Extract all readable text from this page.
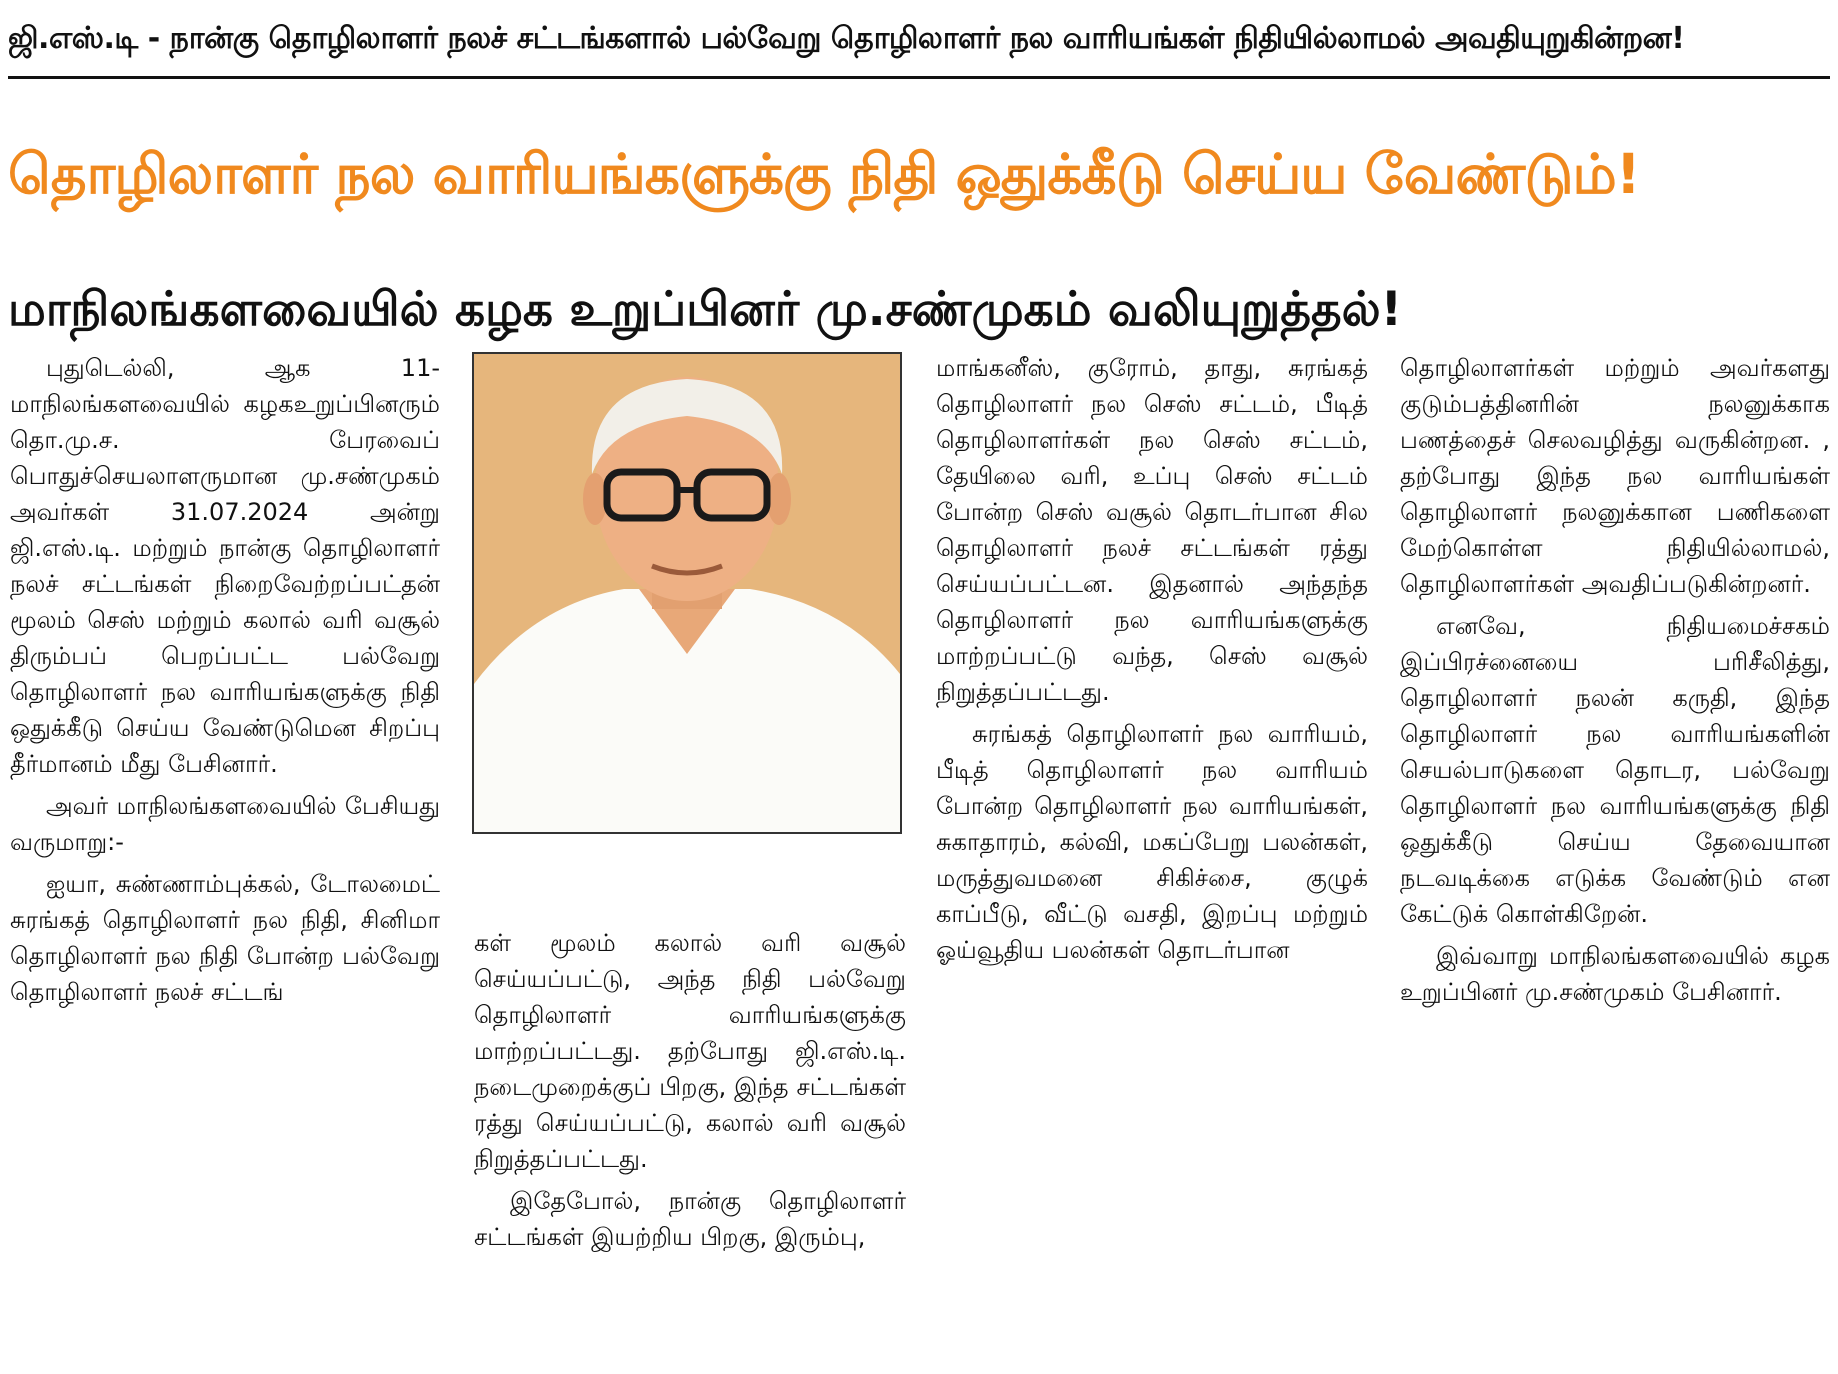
ஜி.எஸ்.டி - நான்கு தொழிலாளர் நலச் சட்டங்களால் பல்வேறு தொழிலாளர் நல வாரியங்கள் நிதியில்லாமல் அவதியுறுகின்றன!
தொழிலாளர் நல வாரியங்களுக்கு நிதி ஒதுக்கீடு செய்ய வேண்டும்!
மாநிலங்களவையில் கழக உறுப்பினர் மு.சண்முகம் வலியுறுத்தல்!

புதுடெல்லி, ஆக 11- மாநிலங்களவையில் கழகஉறுப்பினரும் தொ.மு.ச. பேரவைப் பொதுச்செயலாளருமான மு.சண்முகம் அவர்கள் 31.07.2024 அன்று ஜி.எஸ்.டி. மற்றும் நான்கு தொழிலாளர் நலச் சட்டங்கள் நிறைவேற்றப்பட்தன் மூலம் செஸ் மற்றும் கலால் வரி வசூல் திரும்பப் பெறப்பட்ட பல்வேறு தொழிலாளர் நல வாரியங்களுக்கு நிதி ஒதுக்கீடு செய்ய வேண்டுமென சிறப்பு தீர்மானம் மீது பேசினார்.

அவர் மாநிலங்களவையில் பேசியது வருமாறு:-

ஐயா, சுண்ணாம்புக்கல், டோலமைட் சுரங்கத் தொழிலாளர் நல நிதி, சினிமா தொழிலாளர் நல நிதி போன்ற பல்வேறு தொழிலாளர் நலச் சட்டங்

கள் மூலம் கலால் வரி வசூல் செய்யப்பட்டு, அந்த நிதி பல்வேறு தொழிலாளர் வாரியங்களுக்கு மாற்றப்பட்டது. தற்போது ஜி.எஸ்.டி. நடைமுறைக்குப் பிறகு, இந்த சட்டங்கள் ரத்து செய்யப்பட்டு, கலால் வரி வசூல் நிறுத்தப்பட்டது.

இதேபோல், நான்கு தொழிலாளர் சட்டங்கள் இயற்றிய பிறகு, இரும்பு,

மாங்கனீஸ், குரோம், தாது, சுரங்கத் தொழிலாளர் நல செஸ் சட்டம், பீடித் தொழிலாளர்கள் நல செஸ் சட்டம், தேயிலை வரி, உப்பு செஸ் சட்டம் போன்ற செஸ் வசூல் தொடர்பான சில தொழிலாளர் நலச் சட்டங்கள் ரத்து செய்யப்பட்டன. இதனால் அந்தந்த தொழிலாளர் நல வாரியங்களுக்கு மாற்றப்பட்டு வந்த, செஸ் வசூல் நிறுத்தப்பட்டது.

சுரங்கத் தொழிலாளர் நல வாரியம், பீடித் தொழிலாளர் நல வாரியம் போன்ற தொழிலாளர் நல வாரியங்கள், சுகாதாரம், கல்வி, மகப்பேறு பலன்கள், மருத்துவமனை சிகிச்சை, குழுக் காப்பீடு, வீட்டு வசதி, இறப்பு மற்றும் ஓய்வூதிய பலன்கள் தொடர்பான

தொழிலாளர்கள் மற்றும் அவர்களது குடும்பத்தினரின் நலனுக்காக பணத்தைச் செலவழித்து வருகின்றன. , தற்போது இந்த நல வாரியங்கள் தொழிலாளர் நலனுக்கான பணிகளை மேற்கொள்ள நிதியில்லாமல், தொழிலாளர்கள் அவதிப்படுகின்றனர்.

எனவே, நிதியமைச்சகம் இப்பிரச்னையை பரிசீலித்து, தொழிலாளர் நலன் கருதி, இந்த தொழிலாளர் நல வாரியங்களின் செயல்பாடுகளை தொடர, பல்வேறு தொழிலாளர் நல வாரியங்களுக்கு நிதி ஒதுக்கீடு செய்ய தேவையான நடவடிக்கை எடுக்க வேண்டும் என கேட்டுக் கொள்கிறேன்.

இவ்வாறு மாநிலங்களவையில் கழக உறுப்பினர் மு.சண்முகம் பேசினார்.
